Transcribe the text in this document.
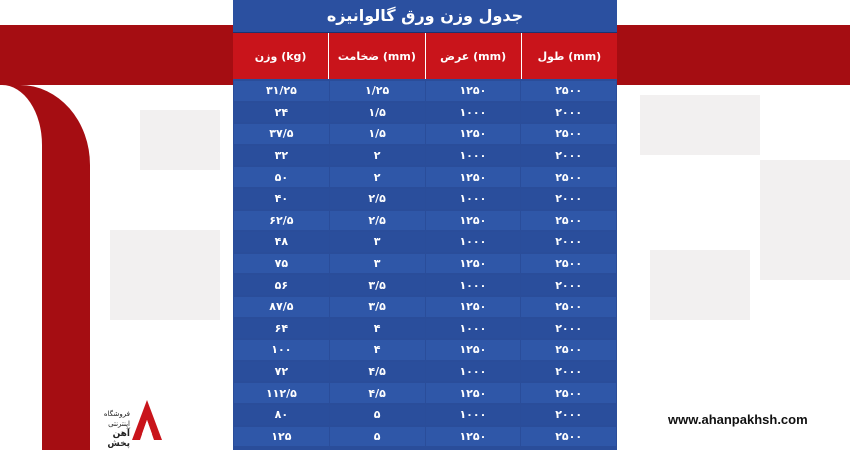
جدول وزن ورق گالوانیزه
طول (mm)
عرض (mm)
ضخامت (mm)
وزن (kg)
۲۵۰۰
۱۲۵۰
۱/۲۵
۳۱/۲۵
۲۰۰۰
۱۰۰۰
۱/۵
۲۴
۲۵۰۰
۱۲۵۰
۱/۵
۳۷/۵
۲۰۰۰
۱۰۰۰
۲
۳۲
۲۵۰۰
۱۲۵۰
۲
۵۰
۲۰۰۰
۱۰۰۰
۲/۵
۴۰
۲۵۰۰
۱۲۵۰
۲/۵
۶۲/۵
۲۰۰۰
۱۰۰۰
۳
۴۸
۲۵۰۰
۱۲۵۰
۳
۷۵
۲۰۰۰
۱۰۰۰
۳/۵
۵۶
۲۵۰۰
۱۲۵۰
۳/۵
۸۷/۵
۲۰۰۰
۱۰۰۰
۴
۶۴
۲۵۰۰
۱۲۵۰
۴
۱۰۰
۲۰۰۰
۱۰۰۰
۴/۵
۷۲
۲۵۰۰
۱۲۵۰
۴/۵
۱۱۲/۵
۲۰۰۰
۱۰۰۰
۵
۸۰
۲۵۰۰
۱۲۵۰
۵
۱۲۵
فروشگاه
اینترنتی
آهن پخش
www.ahanpakhsh.com
